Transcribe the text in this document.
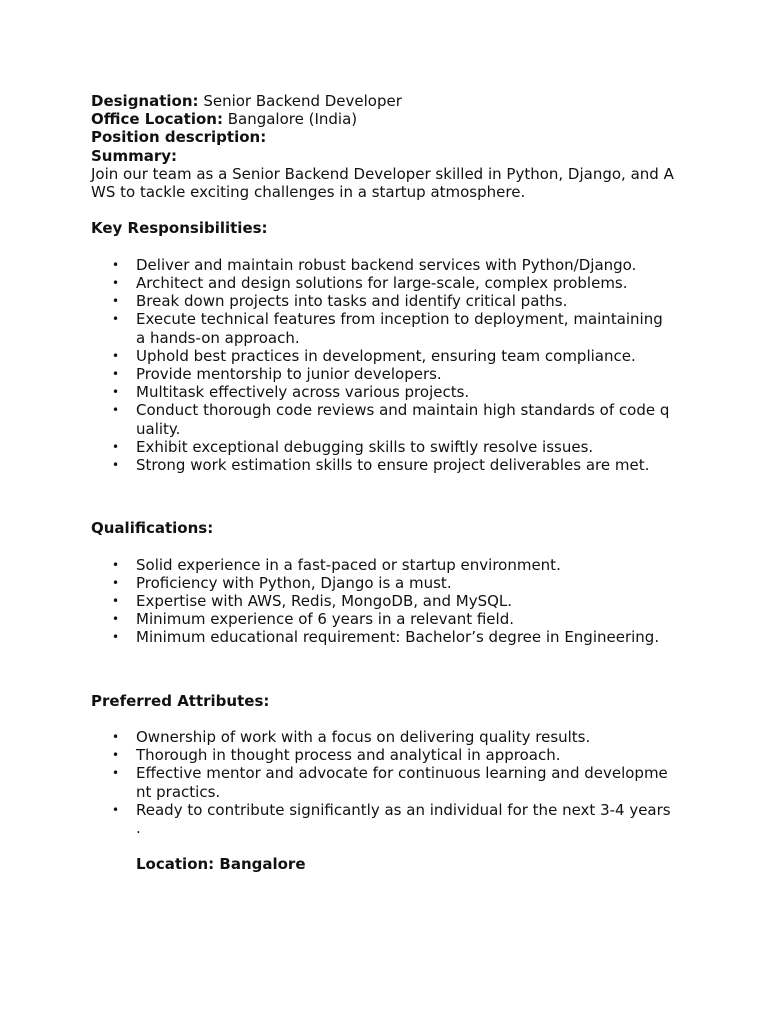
Designation: Senior Backend Developer
Office Location: Bangalore (India)
Position description:
Summary:
Join our team as a Senior Backend Developer skilled in Python, Django, and A
WS to tackle exciting challenges in a startup atmosphere.
Key Responsibilities:
• Deliver and maintain robust backend services with Python/Django.
• Architect and design solutions for large-scale, complex problems.
• Break down projects into tasks and identify critical paths.
• Execute technical features from inception to deployment, maintaining
a hands-on approach.
• Uphold best practices in development, ensuring team compliance.
• Provide mentorship to junior developers.
• Multitask effectively across various projects.
• Conduct thorough code reviews and maintain high standards of code q
uality.
• Exhibit exceptional debugging skills to swiftly resolve issues.
• Strong work estimation skills to ensure project deliverables are met.
Qualifications:
• Solid experience in a fast-paced or startup environment.
• Proficiency with Python, Django is a must.
• Expertise with AWS, Redis, MongoDB, and MySQL.
• Minimum experience of 6 years in a relevant field.
• Minimum educational requirement: Bachelor’s degree in Engineering.
Preferred Attributes:
• Ownership of work with a focus on delivering quality results.
• Thorough in thought process and analytical in approach.
• Effective mentor and advocate for continuous learning and developme
nt practics.
• Ready to contribute significantly as an individual for the next 3-4 years
.
Location: Bangalore
